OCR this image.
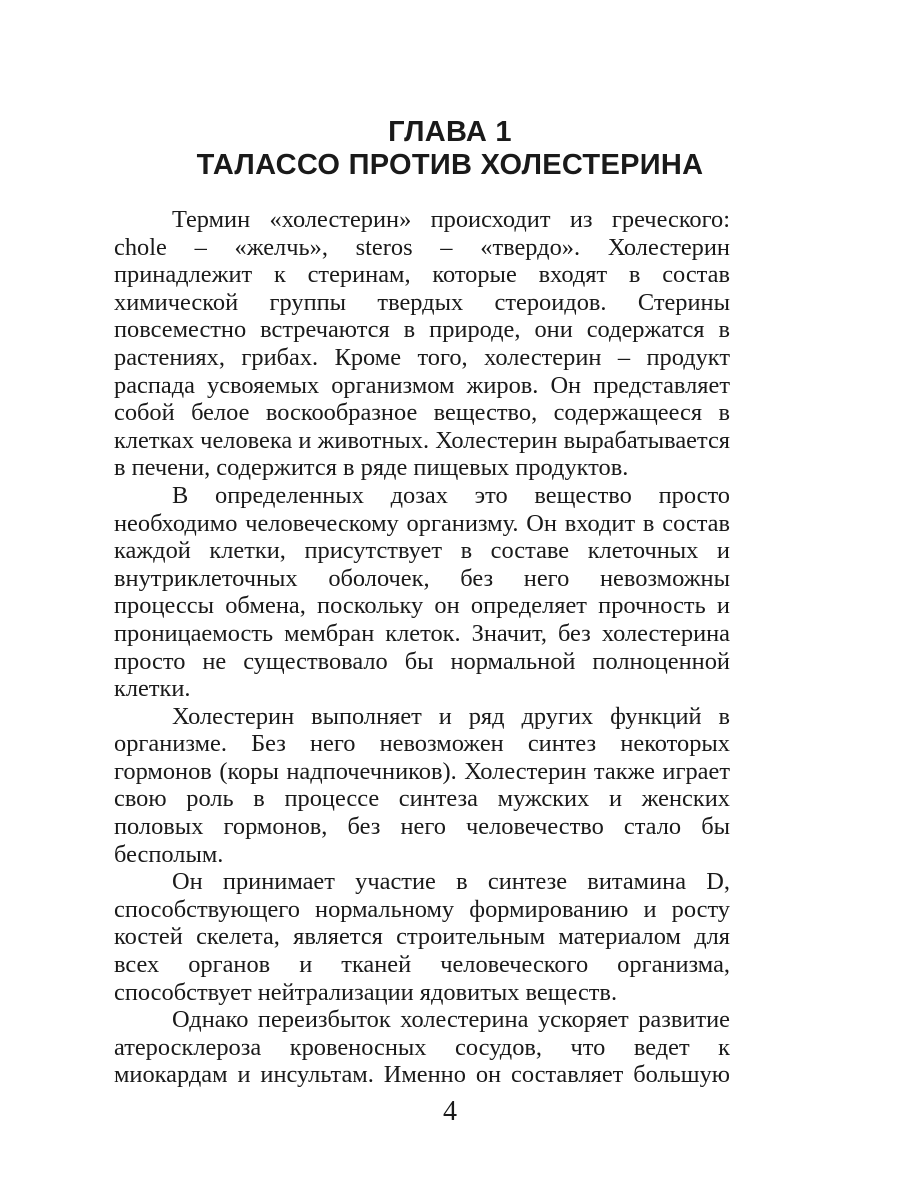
ГЛАВА 1
ТАЛАССО ПРОТИВ ХОЛЕСТЕРИНА

Термин «холестерин» происходит из греческого: chole – «желчь», steros – «твердо». Холестерин принадлежит к стеринам, которые входят в состав химической группы твердых стероидов. Стерины повсеместно встречаются в природе, они содержатся в растениях, грибах. Кроме того, холестерин – продукт распада усвояемых организмом жиров. Он представляет собой белое воскообразное вещество, содержащееся в клетках человека и животных. Холестерин вырабатывается в печени, содержится в ряде пищевых продуктов.

В определенных дозах это вещество просто необходимо человеческому организму. Он входит в состав каждой клетки, присутствует в составе клеточных и внутриклеточных оболочек, без него невозможны процессы обмена, поскольку он определяет прочность и проницаемость мембран клеток. Значит, без холестерина просто не существовало бы нормальной полноценной клетки.

Холестерин выполняет и ряд других функций в организме. Без него невозможен синтез некоторых гормонов (коры надпочечников). Холестерин также играет свою роль в процессе синтеза мужских и женских половых гормонов, без него человечество стало бы бесполым.

Он принимает участие в синтезе витамина D, способствующего нормальному формированию и росту костей скелета, является строительным материалом для всех органов и тканей человеческого организма, способствует нейтрализации ядовитых веществ.

Однако переизбыток холестерина ускоряет развитие атеросклероза кровеносных сосудов, что ведет к миокардам и инсультам. Именно он составляет большую

4
